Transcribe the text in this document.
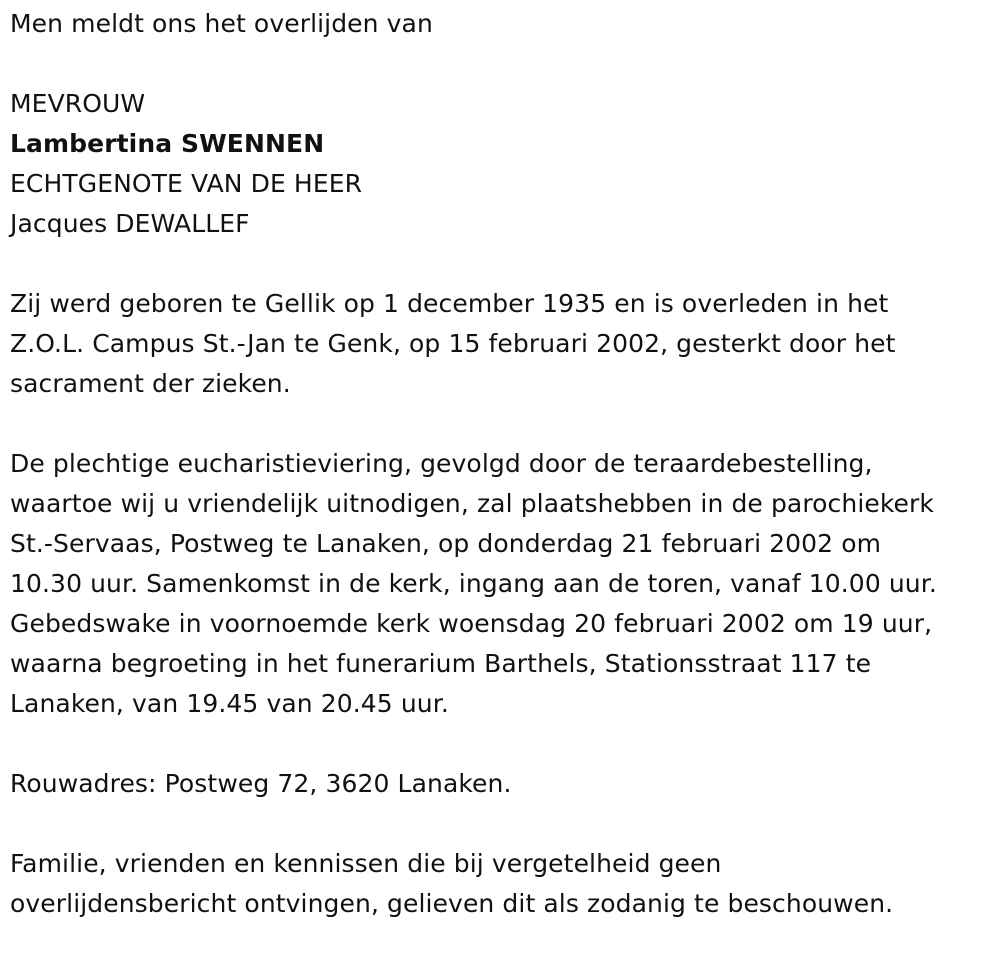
Men meldt ons het overlijden van
MEVROUW
Lambertina SWENNEN
ECHTGENOTE VAN DE HEER
Jacques DEWALLEF
Zij werd geboren te Gellik op 1 december 1935 en is overleden in het
Z.O.L. Campus St.-Jan te Genk, op 15 februari 2002, gesterkt door het
sacrament der zieken.
De plechtige eucharistieviering, gevolgd door de teraardebestelling,
waartoe wij u vriendelijk uitnodigen, zal plaatshebben in de parochiekerk
St.-Servaas, Postweg te Lanaken, op donderdag 21 februari 2002 om
10.30 uur. Samenkomst in de kerk, ingang aan de toren, vanaf 10.00 uur.
Gebedswake in voornoemde kerk woensdag 20 februari 2002 om 19 uur,
waarna begroeting in het funerarium Barthels, Stationsstraat 117 te
Lanaken, van 19.45 van 20.45 uur.
Rouwadres: Postweg 72, 3620 Lanaken.
Familie, vrienden en kennissen die bij vergetelheid geen
overlijdensbericht ontvingen, gelieven dit als zodanig te beschouwen.
